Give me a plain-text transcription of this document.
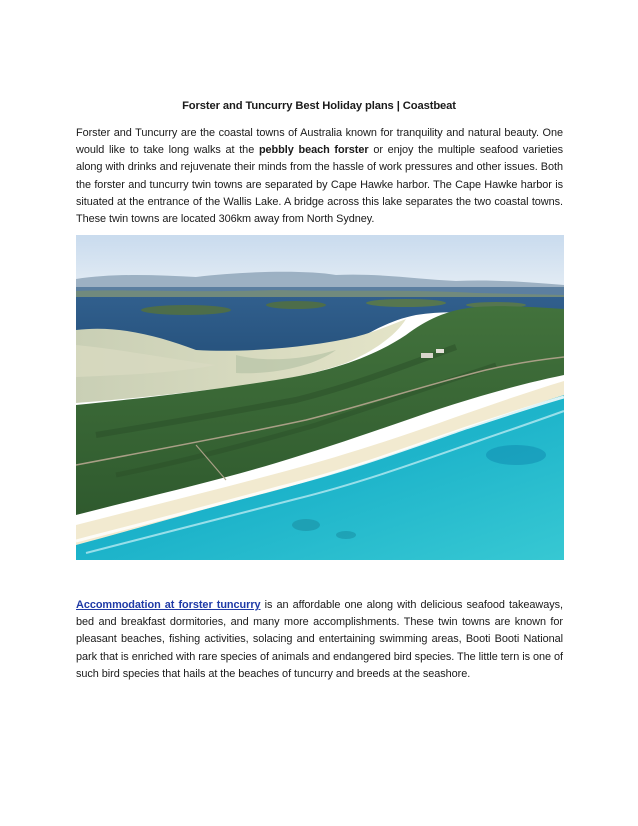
Forster and Tuncurry Best Holiday plans | Coastbeat
Forster and Tuncurry are the coastal towns of Australia known for tranquility and natural beauty. One would like to take long walks at the pebbly beach forster or enjoy the multiple seafood varieties along with drinks and rejuvenate their minds from the hassle of work pressures and other issues. Both the forster and tuncurry twin towns are separated by Cape Hawke harbor. The Cape Hawke harbor is situated at the entrance of the Wallis Lake. A bridge across this lake separates the two coastal towns. These twin towns are located 306km away from North Sydney.
Accommodation at forster tuncurry is an affordable one along with delicious seafood takeaways, bed and breakfast dormitories, and many more accomplishments. These twin towns are known for pleasant beaches, fishing activities, solacing and entertaining swimming areas, Booti Booti National park that is enriched with rare species of animals and endangered bird species. The little tern is one of such bird species that hails at the beaches of tuncurry and breeds at the seashore.
